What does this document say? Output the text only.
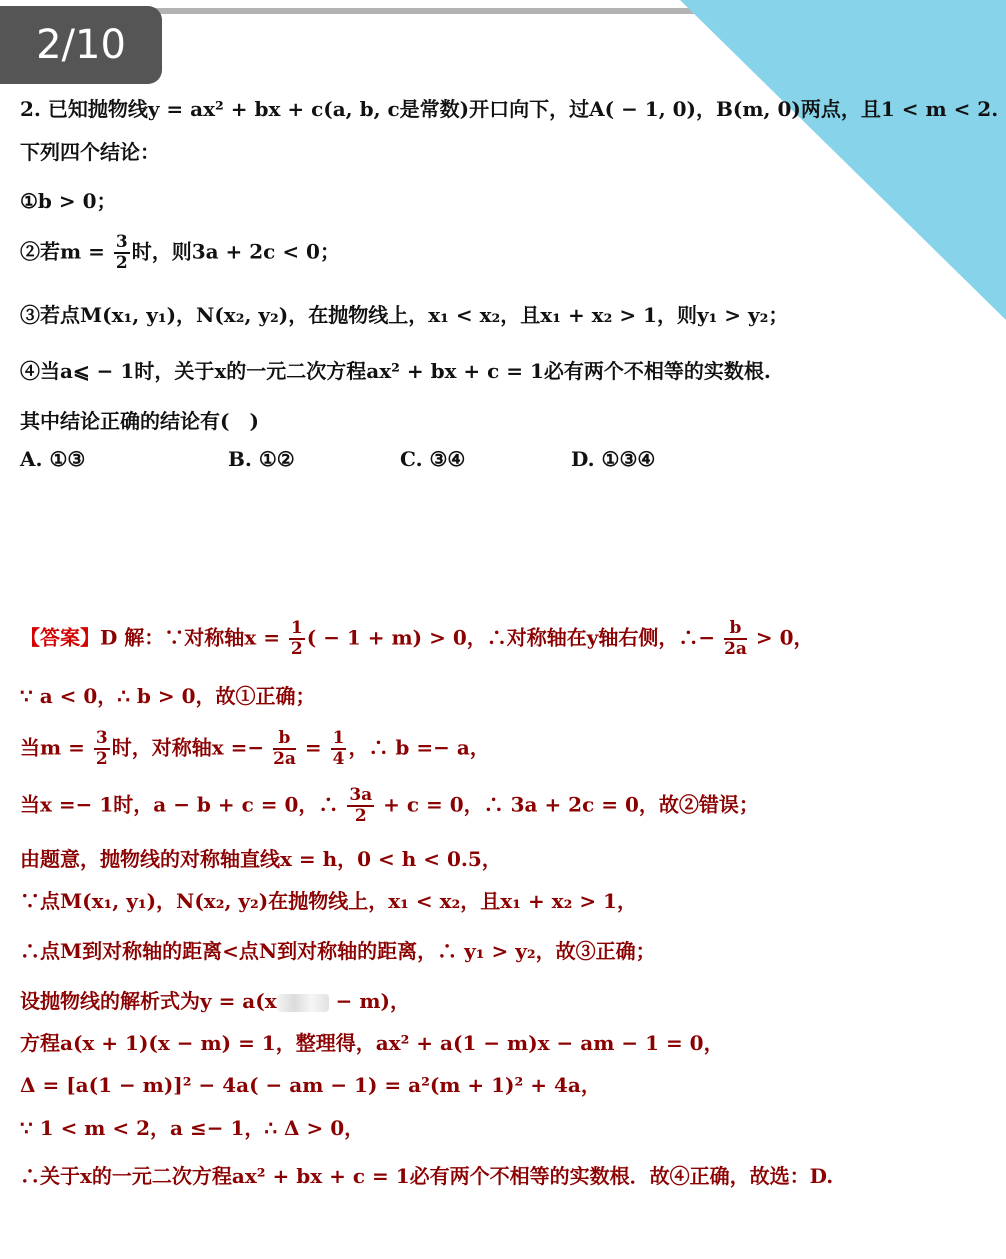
2/10
2. 已知抛物线y = ax² + bx + c(a, b, c是常数)开口向下，过A( − 1, 0)，B(m, 0)两点，且1 < m < 2.
下列四个结论：
①b > 0；
②若$m = \frac{3}{2}$ 时，则3a + 2c < 0；
③若点M(x₁, y₁)，N(x₂, y₂)，在抛物线上，x₁ < x₂，且x₁ + x₂ > 1，则y₁ > y₂；
④当a⩽ − 1时，关于x的一元二次方程ax² + bx + c = 1必有两个不相等的实数根.
其中结论正确的结论有(　)
A. ①③	B. ①②	C. ③④	D. ①③④
【答案】D 解：∵对称轴$x = \frac{1}{2}$ ( − 1 + m) > 0，∴对称轴在y轴右侧，∴− $\frac{b}{2a} > 0$，
∵ a < 0，∴ b > 0，故①正确；
当$m = \frac{3}{2}$ 时，对称轴$x =- \frac{b}{2a} = \frac{1}{4}$ ，∴ b =− a，
当x =− 1时，a − b + c = 0，∴ $\frac{3a}{2} + c = 0$，∴ 3a + 2c = 0，故②错误；
由题意，抛物线的对称轴直线x = h，0 < h < 0.5，
∵点M(x₁, y₁)，N(x₂, y₂)在抛物线上，x₁ < x₂，且x₁ + x₂ > 1，
∴点M到对称轴的距离<点N到对称轴的距离，∴ y₁ > y₂，故③正确；
设抛物线的解析式为y = a(x	− m)，
方程a(x + 1)(x − m) = 1，整理得，ax² + a(1 − m)x − am − 1 = 0，
Δ = [a(1 − m)]² − 4a( − am − 1) = a²(m + 1)² + 4a，
∵ 1 < m < 2，a ≤− 1，∴ Δ > 0，
∴关于x的一元二次方程ax² + bx + c = 1必有两个不相等的实数根．故④正确，故选：D.
